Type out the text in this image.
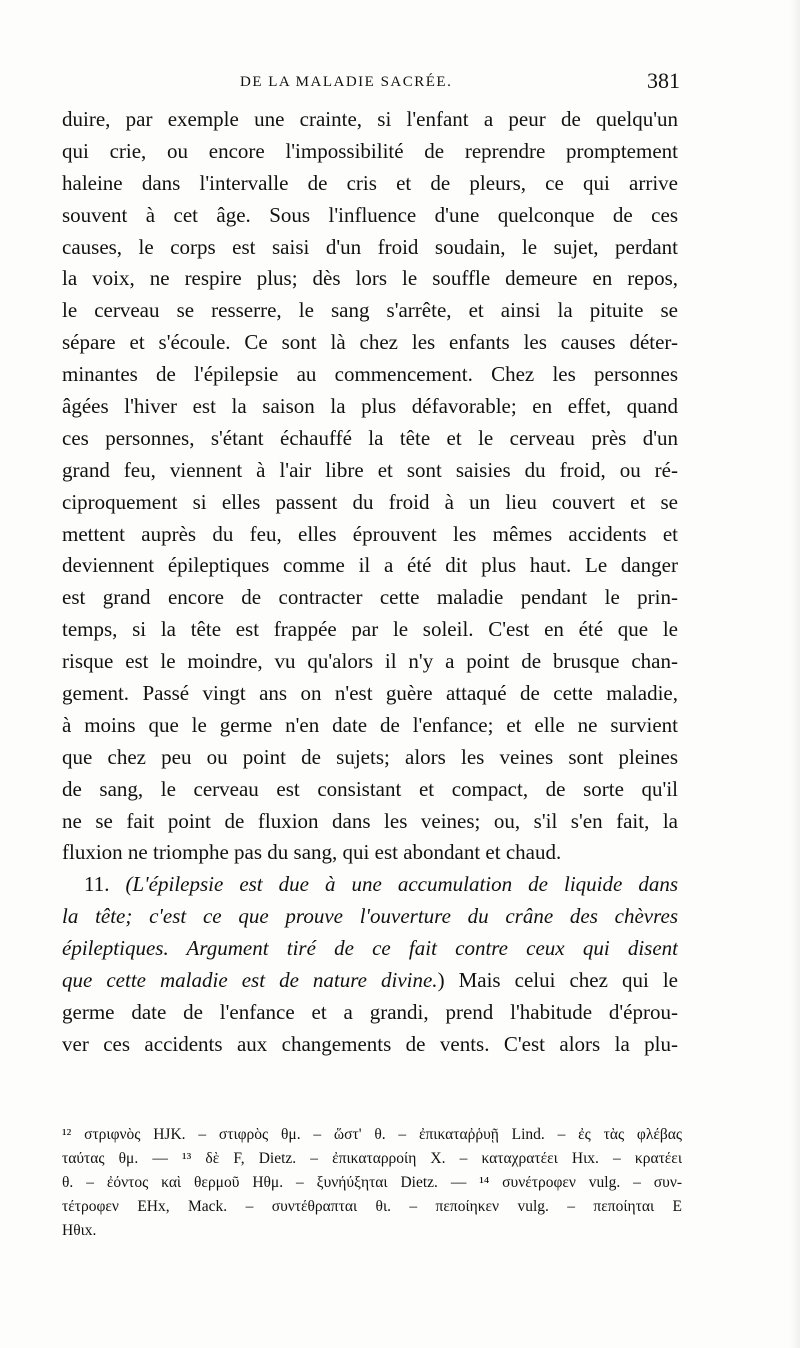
DE LA MALADIE SACRÉE.	381
duire, par exemple une crainte, si l'enfant a peur de quelqu'un
qui crie, ou encore l'impossibilité de reprendre promptement
haleine dans l'intervalle de cris et de pleurs, ce qui arrive
souvent à cet âge. Sous l'influence d'une quelconque de ces
causes, le corps est saisi d'un froid soudain, le sujet, perdant
la voix, ne respire plus; dès lors le souffle demeure en repos,
le cerveau se resserre, le sang s'arrête, et ainsi la pituite se
sépare et s'écoule. Ce sont là chez les enfants les causes déter-
minantes de l'épilepsie au commencement. Chez les personnes
âgées l'hiver est la saison la plus défavorable; en effet, quand
ces personnes, s'étant échauffé la tête et le cerveau près d'un
grand feu, viennent à l'air libre et sont saisies du froid, ou ré-
ciproquement si elles passent du froid à un lieu couvert et se
mettent auprès du feu, elles éprouvent les mêmes accidents et
deviennent épileptiques comme il a été dit plus haut. Le danger
est grand encore de contracter cette maladie pendant le prin-
temps, si la tête est frappée par le soleil. C'est en été que le
risque est le moindre, vu qu'alors il n'y a point de brusque chan-
gement. Passé vingt ans on n'est guère attaqué de cette maladie,
à moins que le germe n'en date de l'enfance; et elle ne survient
que chez peu ou point de sujets; alors les veines sont pleines
de sang, le cerveau est consistant et compact, de sorte qu'il
ne se fait point de fluxion dans les veines; ou, s'il s'en fait, la
fluxion ne triomphe pas du sang, qui est abondant et chaud.
11. (L'épilepsie est due à une accumulation de liquide dans
la tête; c'est ce que prouve l'ouverture du crâne des chèvres
épileptiques. Argument tiré de ce fait contre ceux qui disent
que cette maladie est de nature divine.) Mais celui chez qui le
germe date de l'enfance et a grandi, prend l'habitude d'éprou-
ver ces accidents aux changements de vents. C'est alors la plu-
¹² στριφνὸς HJK. – στιφρὸς θμ. – ὥστ' θ. – ἐπικαταῤῥυῇ Lind. – ἐς τὰς φλέβας
ταύτας θμ. — ¹³ δὲ F, Dietz. – ἐπικαταρροίη X. – καταχρατέει Hιx. – κρατέει
θ. – ἐόντος καὶ θερμοῦ Hθμ. – ξυνήύξηται Dietz. — ¹⁴ συνέτροφεν vulg. – συν-
τέτροφεν EHx, Mack. – συντέθραπται θι. – πεποίηκεν vulg. – πεποίηται E
Hθιx.
